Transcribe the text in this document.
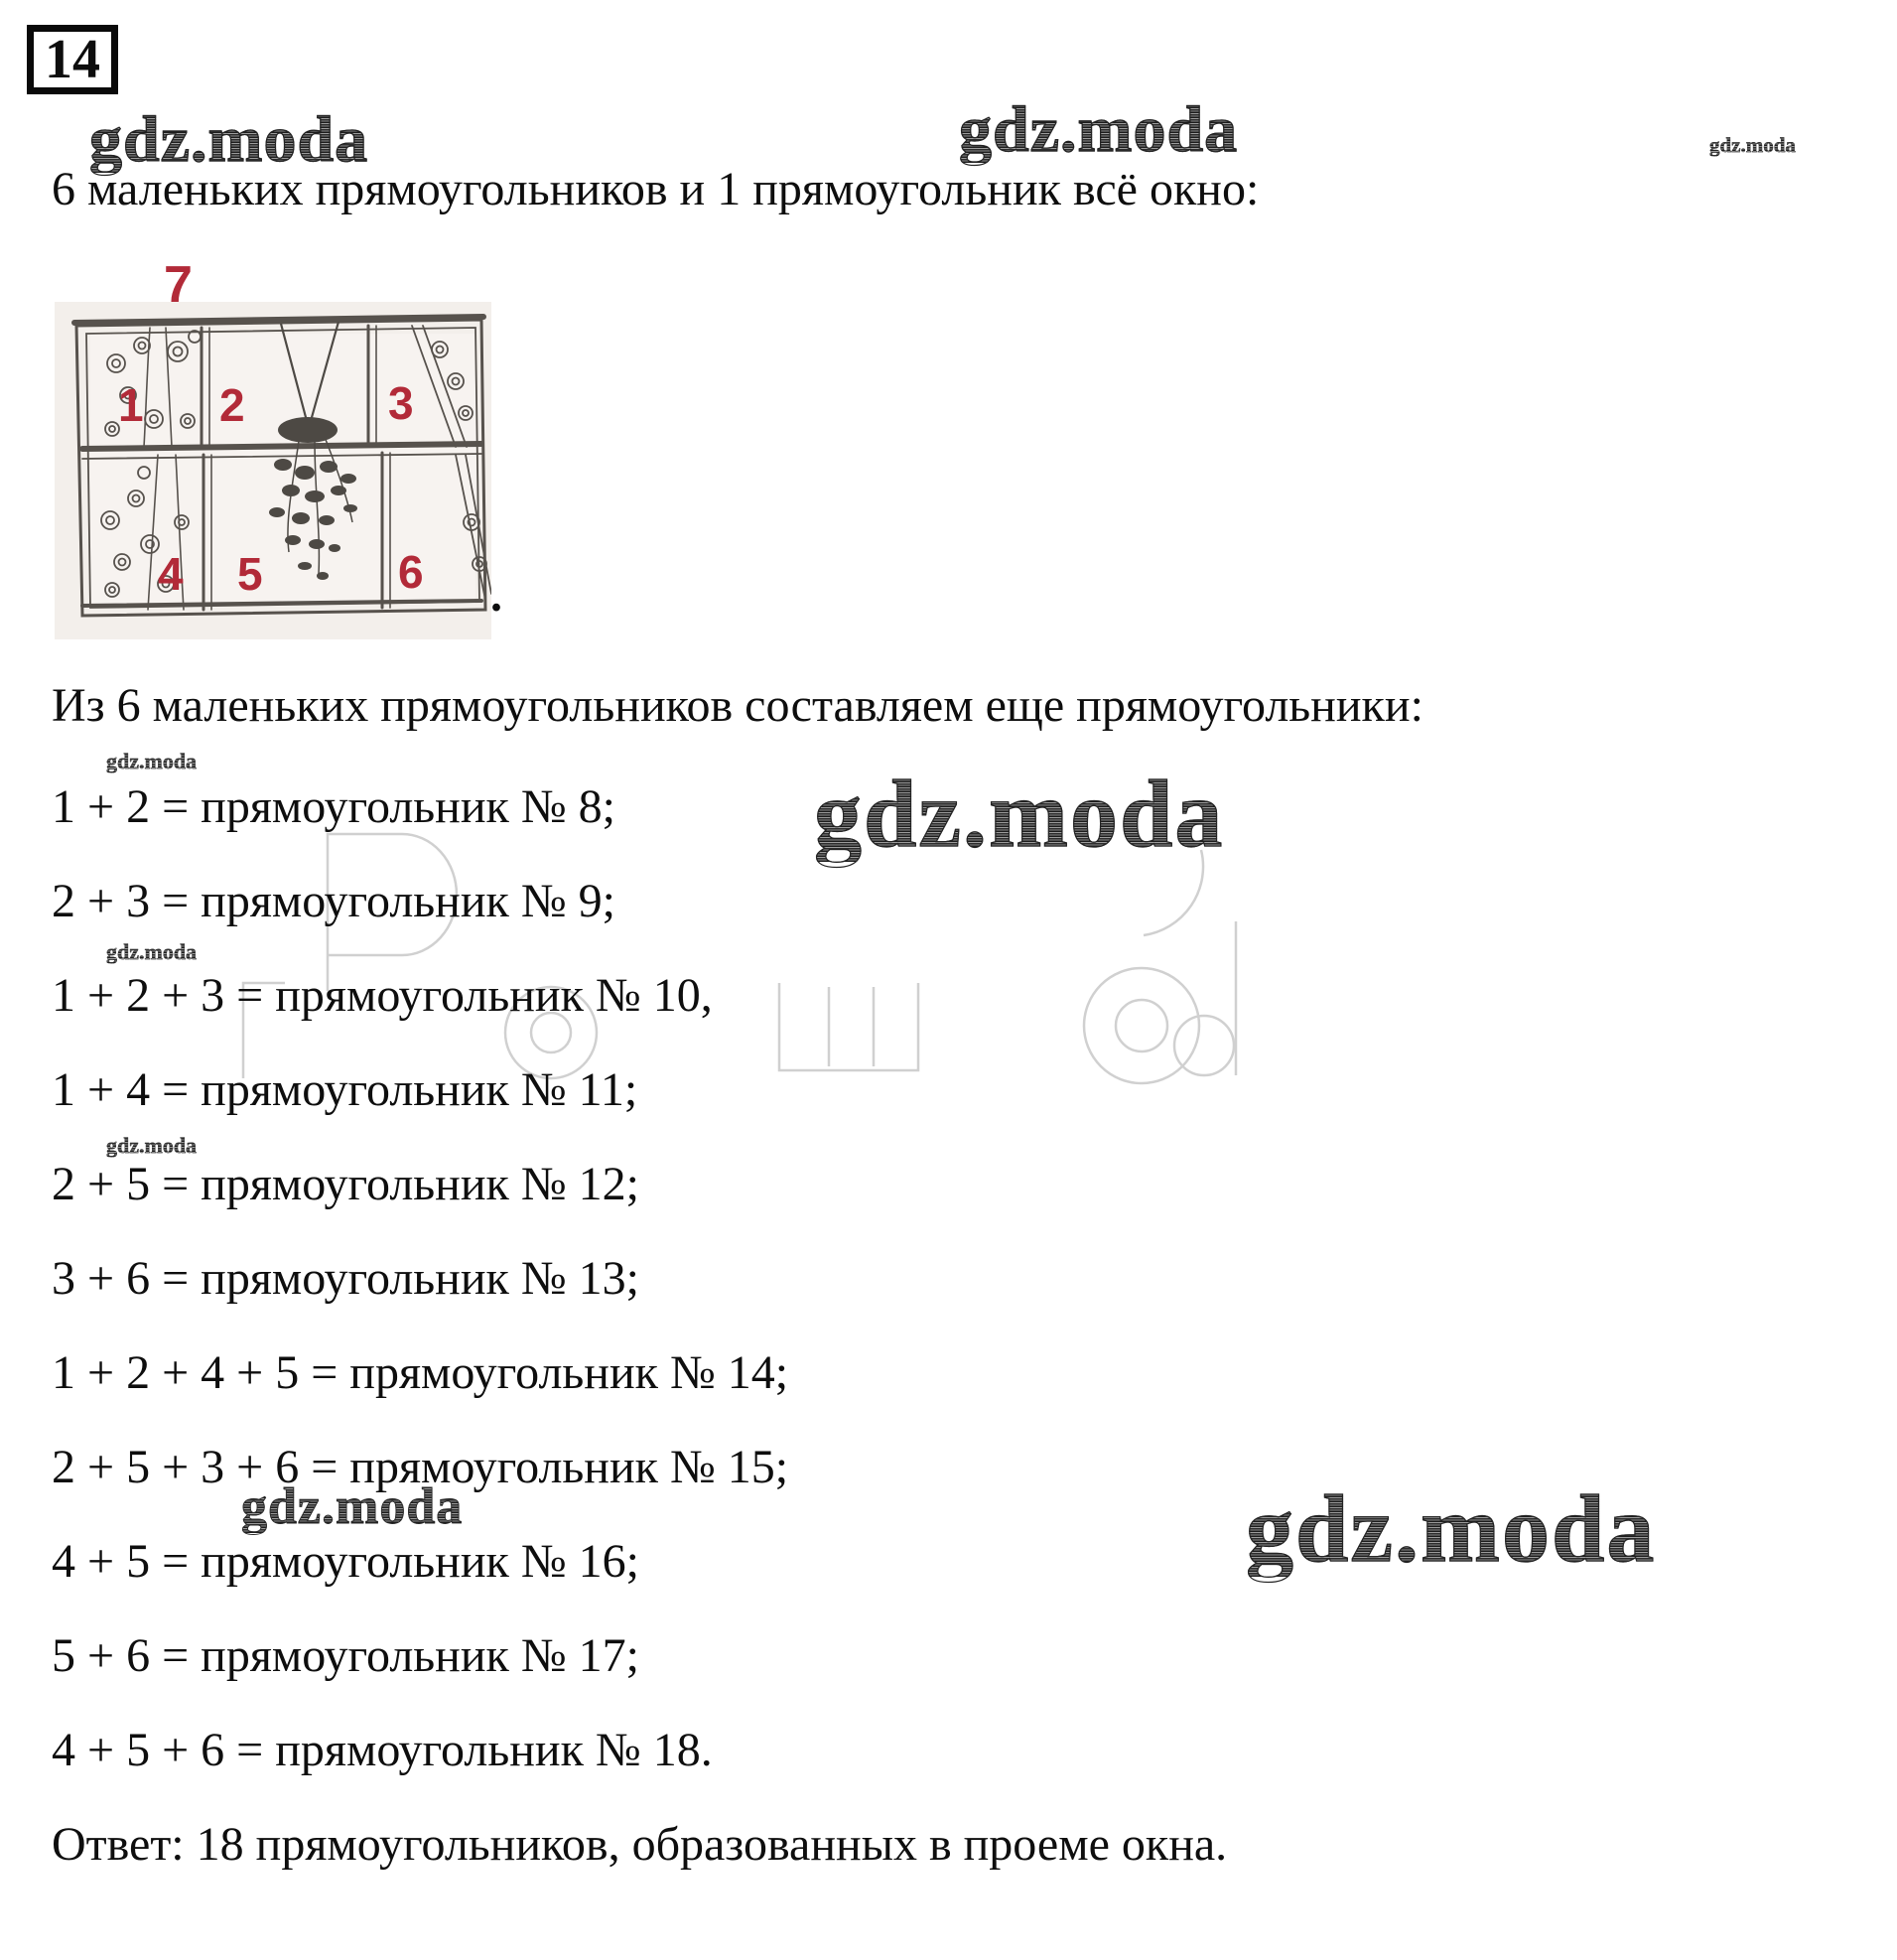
14
gdz.moda	gdz.moda	gdz.moda
6 маленьких прямоугольников и 1 прямоугольник всё окно:
7
1 2	3
4 5	6 .
Из 6 маленьких прямоугольников составляем еще прямоугольники:
gdz.moda
gdz.moda
gdz.moda
gdz.moda
gdz.moda	gdz.moda
1 + 2 = прямоугольник № 8;
2 + 3 = прямоугольник № 9;
1 + 2 + 3 = прямоугольник № 10,
1 + 4 = прямоугольник № 11;
2 + 5 = прямоугольник № 12;
3 + 6 = прямоугольник № 13;
1 + 2 + 4 + 5 = прямоугольник № 14;
2 + 5 + 3 + 6 = прямоугольник № 15;
4 + 5 = прямоугольник № 16;
5 + 6 = прямоугольник № 17;
4 + 5 + 6 = прямоугольник № 18.
Ответ: 18 прямоугольников, образованных в проеме окна.
